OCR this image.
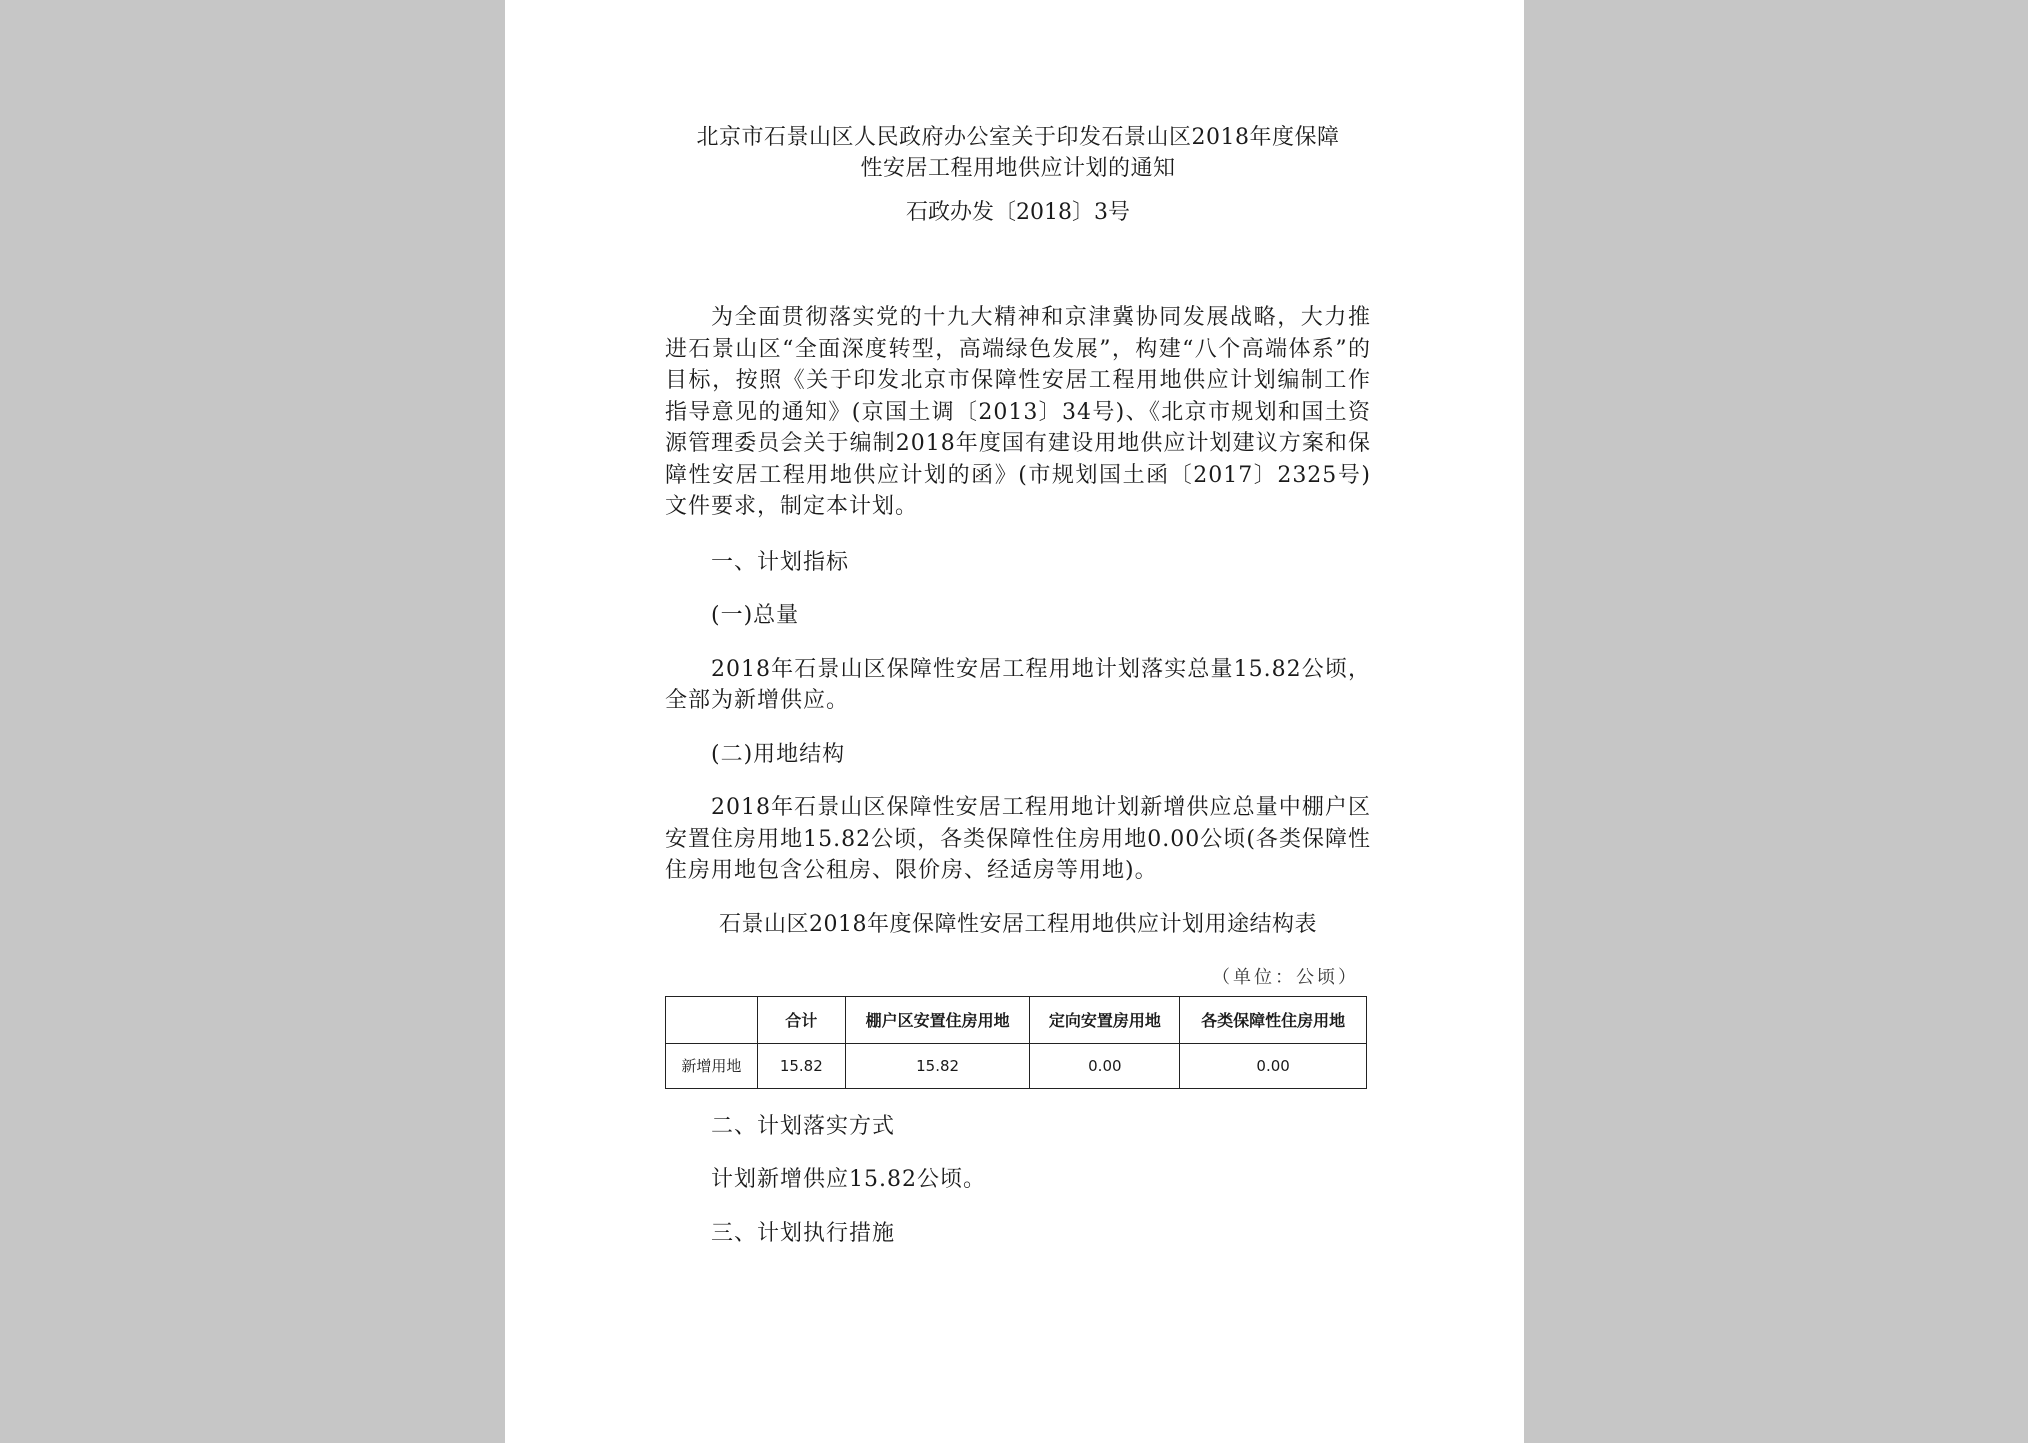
北京市石景山区人民政府办公室关于印发石景山区2018年度保障
性安居工程用地供应计划的通知
石政办发〔2018〕3号

为全面贯彻落实党的十九大精神和京津冀协同发展战略，大力推进石景山区“全面深度转型，高端绿色发展”，构建“八个高端体系”的目标，按照《关于印发北京市保障性安居工程用地供应计划编制工作指导意见的通知》(京国土调〔2013〕34号)、《北京市规划和国土资源管理委员会关于编制2018年度国有建设用地供应计划建议方案和保障性安居工程用地供应计划的函》(市规划国土函〔2017〕2325号)文件要求，制定本计划。

一、计划指标

(一)总量

2018年石景山区保障性安居工程用地计划落实总量15.82公顷，全部为新增供应。

(二)用地结构

2018年石景山区保障性安居工程用地计划新增供应总量中棚户区安置住房用地15.82公顷，各类保障性住房用地0.00公顷(各类保障性住房用地包含公租房、限价房、经适房等用地)。

石景山区2018年度保障性安居工程用地供应计划用途结构表
（单位：公顷）
	合计	棚户区安置住房用地	定向安置房用地	各类保障性住房用地
新增用地	15.82	15.82	0.00	0.00

二、计划落实方式

计划新增供应15.82公顷。

三、计划执行措施
